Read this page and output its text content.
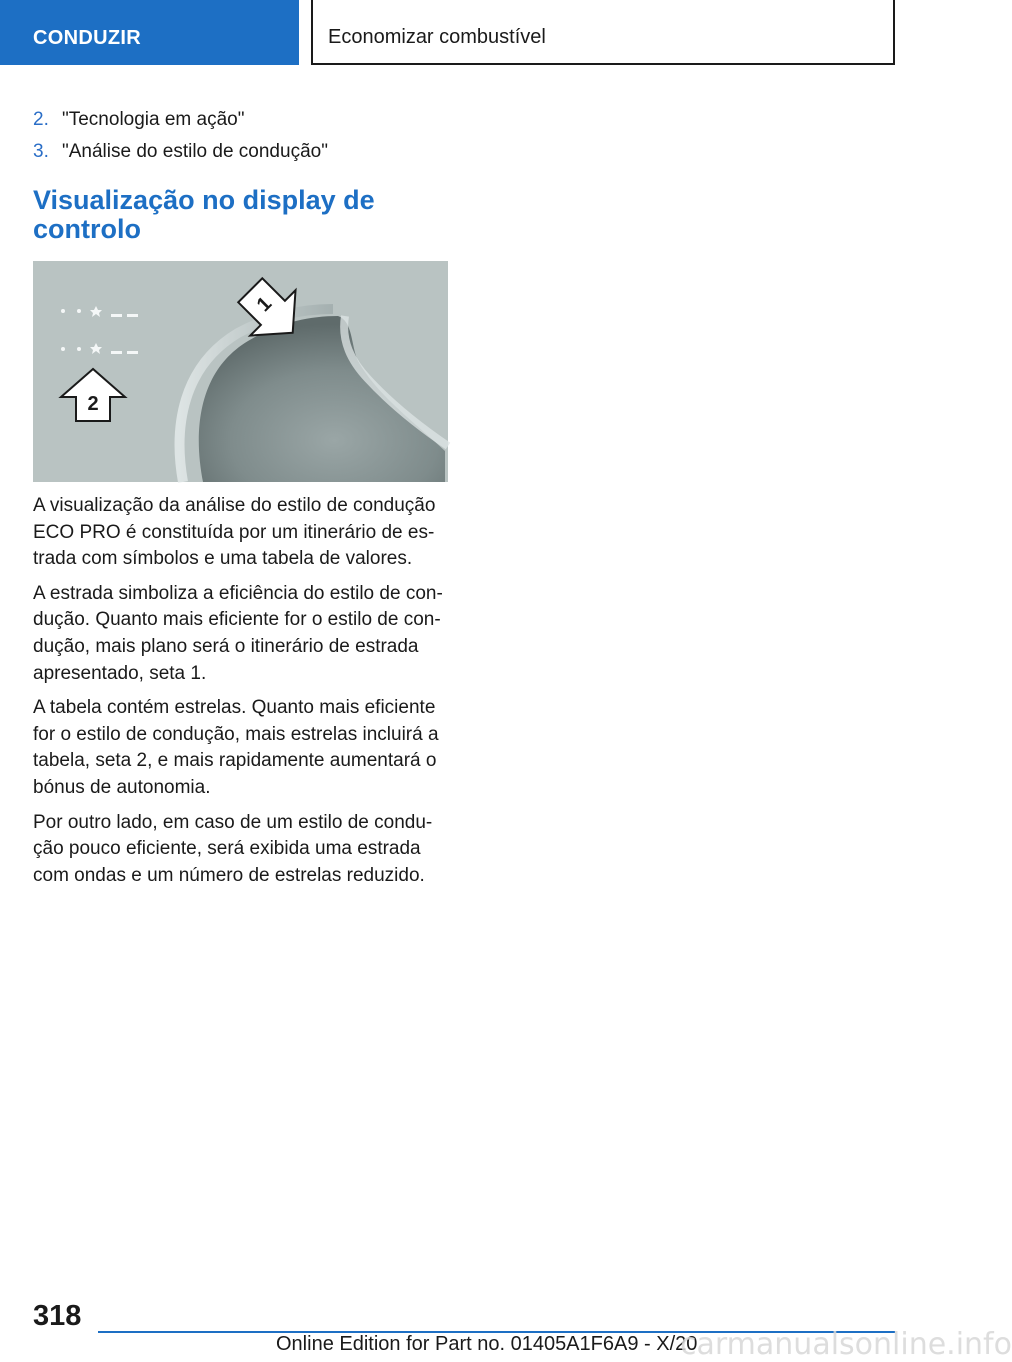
CONDUZIR	Economizar combustível
2. "Tecnologia em ação"
3. "Análise do estilo de condução"
Visualização no display de controlo
2
1

A visualização da análise do estilo de condução ECO PRO é constituída por um itinerário de estrada com símbolos e uma tabela de valores.

A estrada simboliza a eficiência do estilo de condução. Quanto mais eficiente for o estilo de condução, mais plano será o itinerário de estrada apresentado, seta 1.

A tabela contém estrelas. Quanto mais eficiente for o estilo de condução, mais estrelas incluirá a tabela, seta 2, e mais rapidamente aumentará o bónus de autonomia.

Por outro lado, em caso de um estilo de condução pouco eficiente, será exibida uma estrada com ondas e um número de estrelas reduzido.

318
Online Edition for Part no. 01405A1F6A9 - X/20
carmanualsonline.info
